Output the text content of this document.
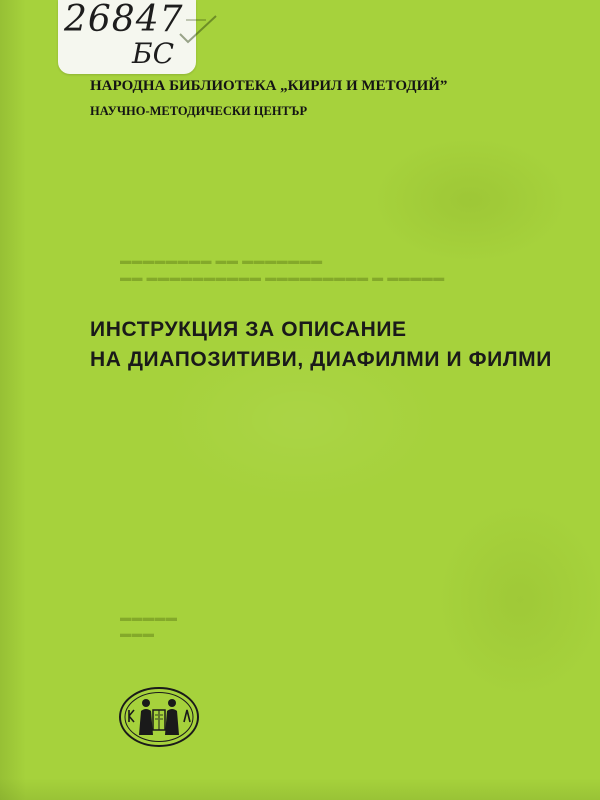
26847
БС
НАРОДНА БИБЛИОТЕКА „КИРИЛ И МЕТОДИЙ”
НАУЧНО-МЕТОДИЧЕСКИ ЦЕНТЪР
▬▬▬▬▬▬▬▬ ▬▬ ▬▬▬▬▬▬▬
▬▬ ▬▬▬▬▬▬▬▬▬▬ ▬▬▬▬▬▬▬▬▬ ▬ ▬▬▬▬▬
▬▬▬▬▬
▬▬▬
ИНСТРУКЦИЯ ЗА ОПИСАНИЕ
НА ДИАПОЗИТИВИ, ДИАФИЛМИ И ФИЛМИ
